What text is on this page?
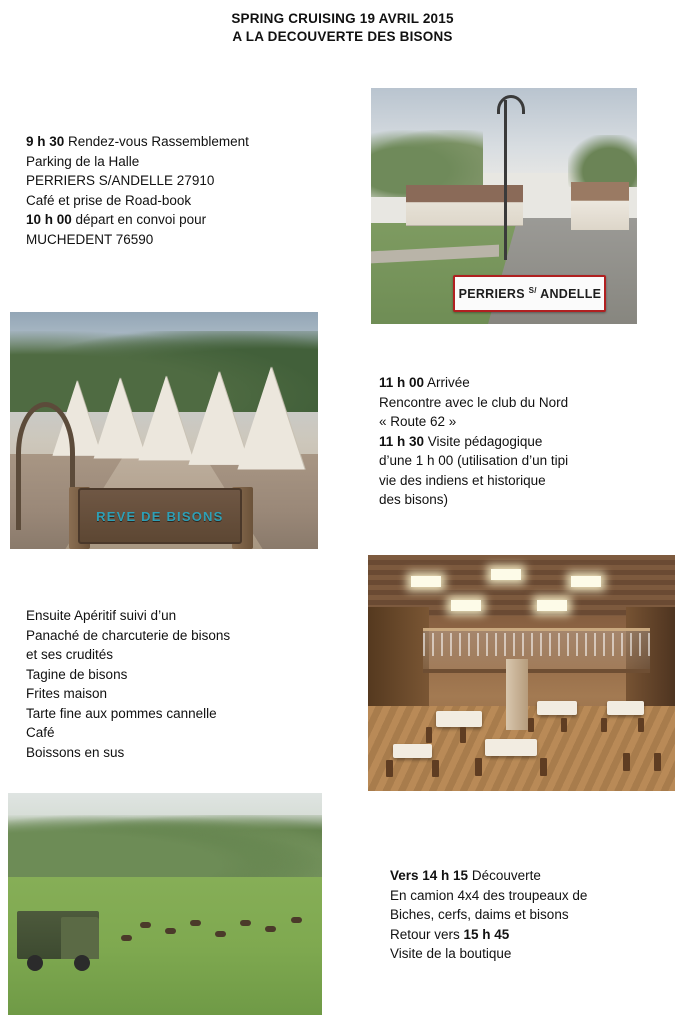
SPRING CRUISING 19 AVRIL 2015
A LA DECOUVERTE DES BISONS
PERRIERS $^{S/}$ ANDELLE
9 h 30 Rendez-vous Rassemblement
Parking de la Halle
PERRIERS S/ANDELLE 27910
Café et prise de Road-book
10 h 00 départ en convoi pour
MUCHEDENT 76590
REVE DE BISONS
11 h 00 Arrivée
Rencontre avec le club du Nord
« Route 62 »
11 h 30 Visite pédagogique
d’une 1 h 00 (utilisation d’un tipi
vie des indiens et historique
des bisons)
Ensuite Apéritif suivi d’un
Panaché de charcuterie de bisons
et ses crudités
Tagine de bisons
Frites maison
Tarte fine aux pommes cannelle
Café
Boissons en sus
Vers 14 h 15 Découverte
En camion 4x4 des troupeaux de
Biches, cerfs, daims et bisons
Retour vers 15 h 45
Visite de la boutique
